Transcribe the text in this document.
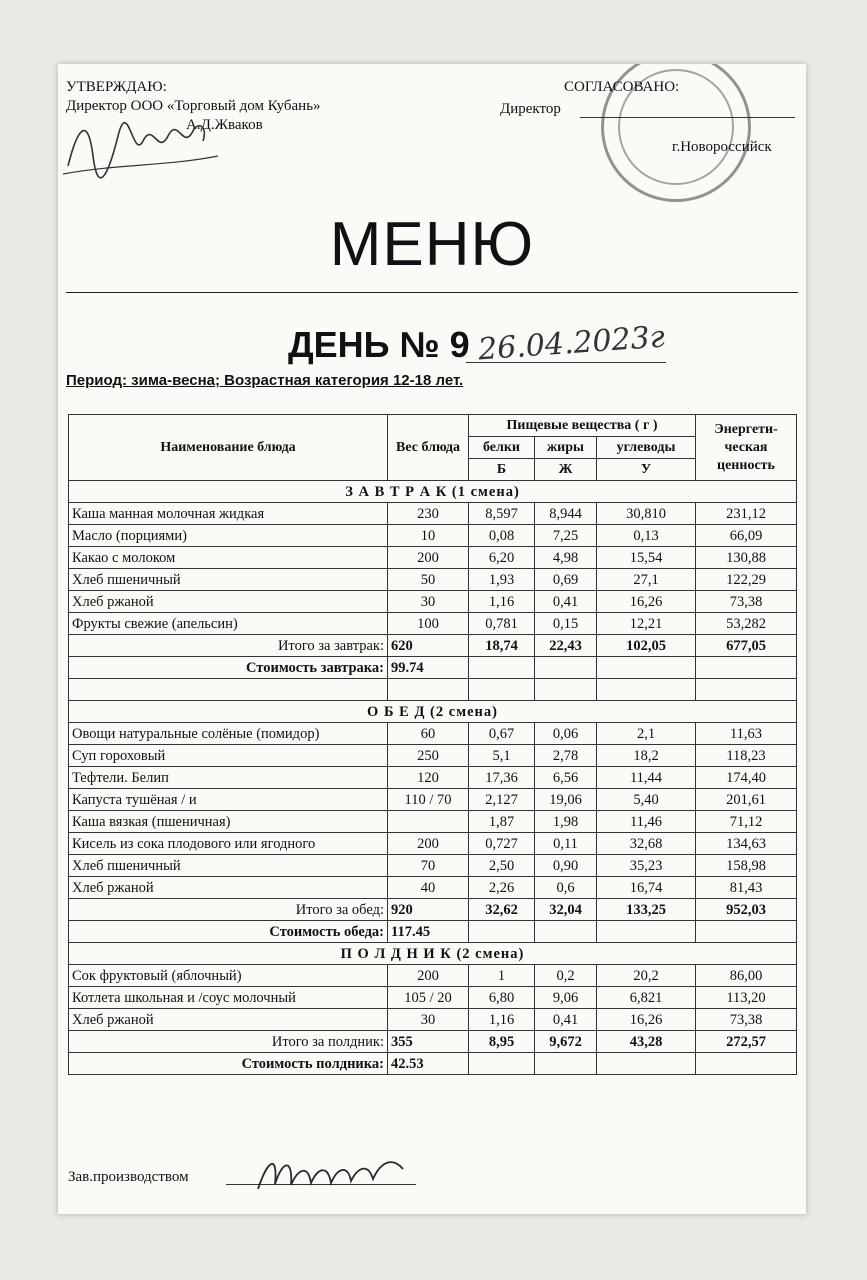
УТВЕРЖДАЮ:
Директор ООО «Торговый дом Кубань»
А.Д.Жваков
СОГЛАСОВАНО:
Директор
г.Новороссийск
МЕНЮ
ДЕНЬ № 9 26.04.2023г
Период: зима-весна; Возрастная категория 12-18 лет.
Наименование блюда	Вес блюда	Пищевые вещества ( г )			Энергети-ческая ценность
		белки	жиры	углеводы	
		Б	Ж	У	
З А В Т Р А К (1 смена)					
Каша манная молочная жидкая	230	8,597	8,944	30,810	231,12
Масло (порциями)	10	0,08	7,25	0,13	66,09
Какао с молоком	200	6,20	4,98	15,54	130,88
Хлеб пшеничный	50	1,93	0,69	27,1	122,29
Хлеб ржаной	30	1,16	0,41	16,26	73,38
Фрукты свежие (апельсин)	100	0,781	0,15	12,21	53,282
Итого за завтрак:	620	18,74	22,43	102,05	677,05
Стоимость завтрака:	99.74				

О Б Е Д (2 смена)					
Овощи натуральные солёные (помидор)	60	0,67	0,06	2,1	11,63
Суп гороховый	250	5,1	2,78	18,2	118,23
Тефтели. Белип	120	17,36	6,56	11,44	174,40
Капуста тушёная / и	110 / 70	2,127	19,06	5,40	201,61
Каша вязкая (пшеничная)		1,87	1,98	11,46	71,12
Кисель из сока плодового или ягодного	200	0,727	0,11	32,68	134,63
Хлеб пшеничный	70	2,50	0,90	35,23	158,98
Хлеб ржаной	40	2,26	0,6	16,74	81,43
Итого за обед:	920	32,62	32,04	133,25	952,03
Стоимость обеда:	117.45				
П О Л Д Н И К (2 смена)					
Сок фруктовый (яблочный)	200	1	0,2	20,2	86,00
Котлета школьная и /соус молочный	105 / 20	6,80	9,06	6,821	113,20
Хлеб ржаной	30	1,16	0,41	16,26	73,38
Итого за полдник:	355	8,95	9,672	43,28	272,57
Стоимость полдника:	42.53				
Зав.производством
